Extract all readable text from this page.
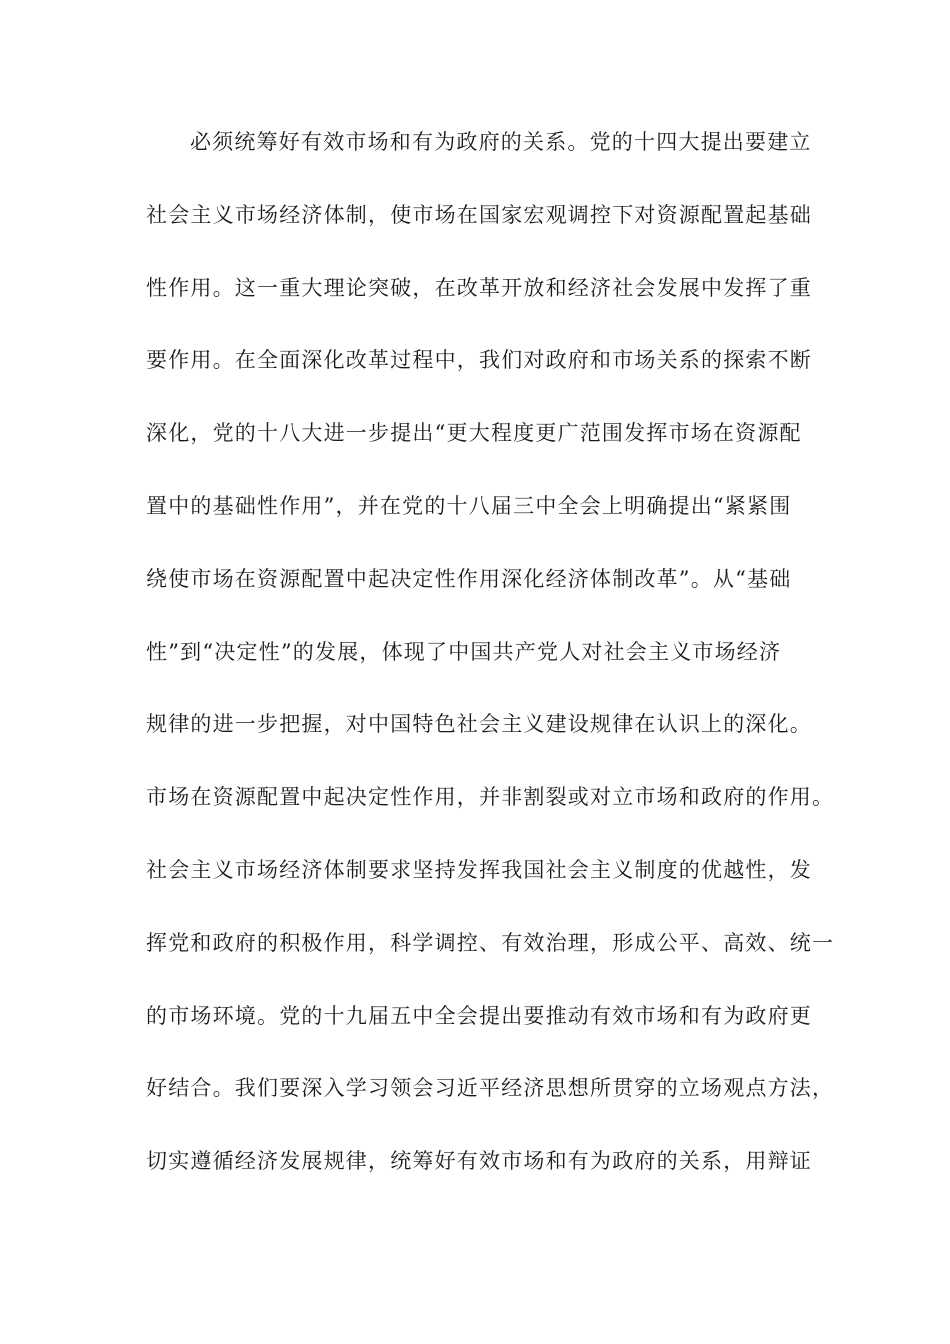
必须统筹好有效市场和有为政府的关系。党的十四大提出要建立
社会主义市场经济体制，使市场在国家宏观调控下对资源配置起基础
性作用。这一重大理论突破，在改革开放和经济社会发展中发挥了重
要作用。在全面深化改革过程中，我们对政府和市场关系的探索不断
深化，党的十八大进一步提出“更大程度更广范围发挥市场在资源配
置中的基础性作用”，并在党的十八届三中全会上明确提出“紧紧围
绕使市场在资源配置中起决定性作用深化经济体制改革”。从“基础
性”到“决定性”的发展，体现了中国共产党人对社会主义市场经济
规律的进一步把握，对中国特色社会主义建设规律在认识上的深化。
市场在资源配置中起决定性作用，并非割裂或对立市场和政府的作用。
社会主义市场经济体制要求坚持发挥我国社会主义制度的优越性，发
挥党和政府的积极作用，科学调控、有效治理，形成公平、高效、统一
的市场环境。党的十九届五中全会提出要推动有效市场和有为政府更
好结合。我们要深入学习领会习近平经济思想所贯穿的立场观点方法，
切实遵循经济发展规律，统筹好有效市场和有为政府的关系，用辩证
